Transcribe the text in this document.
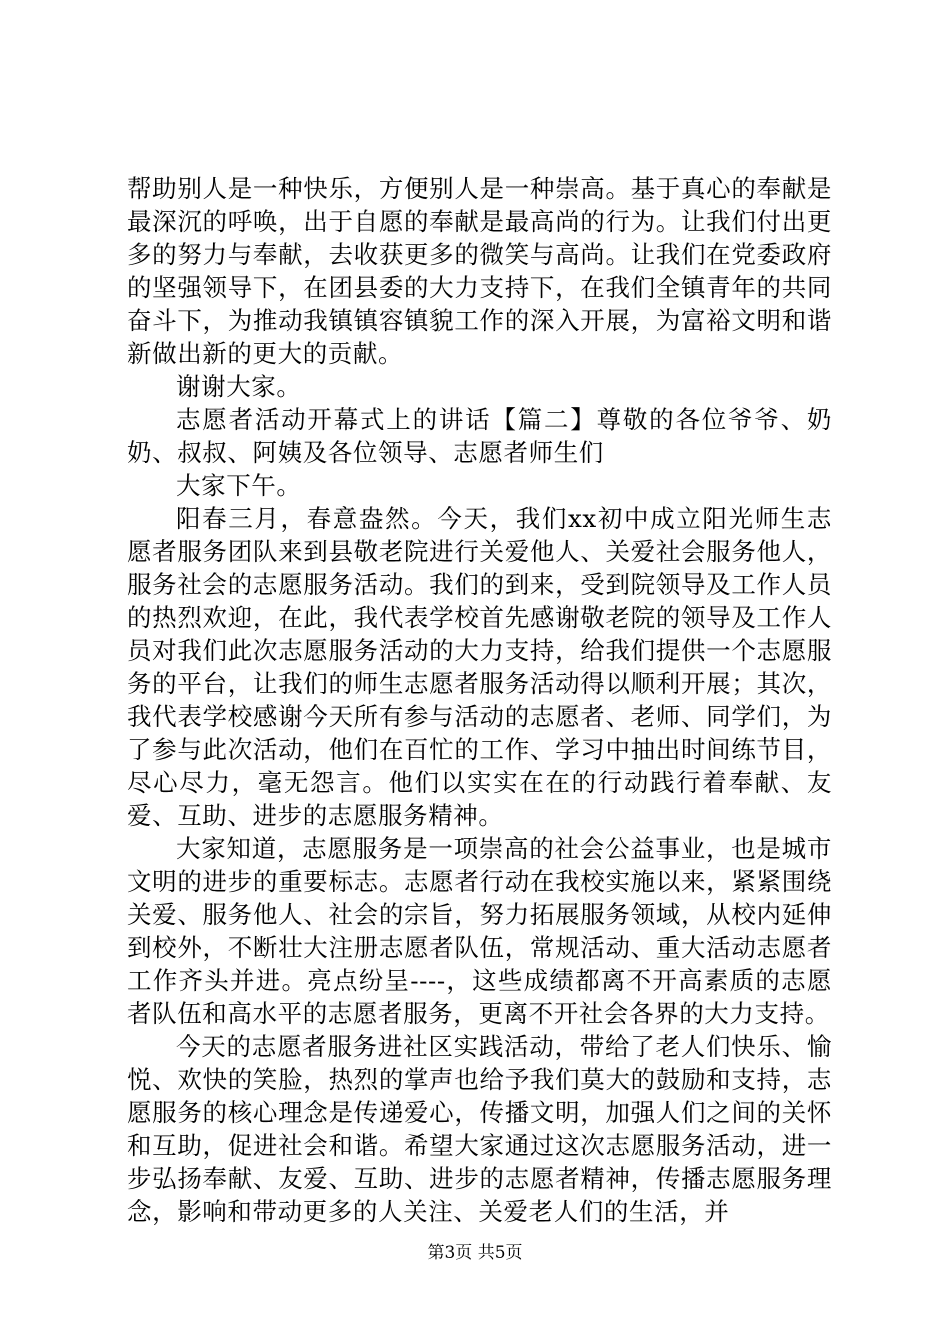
帮助别人是一种快乐，方便别人是一种崇高。基于真心的奉献是最深沉的呼唤，出于自愿的奉献是最高尚的行为。让我们付出更多的努力与奉献，去收获更多的微笑与高尚。让我们在党委政府的坚强领导下，在团县委的大力支持下，在我们全镇青年的共同奋斗下，为推动我镇镇容镇貌工作的深入开展，为富裕文明和谐新做出新的更大的贡献。

谢谢大家。

志愿者活动开幕式上的讲话【篇二】尊敬的各位爷爷、奶奶、叔叔、阿姨及各位领导、志愿者师生们

大家下午。

阳春三月，春意盎然。今天，我们xx初中成立阳光师生志愿者服务团队来到县敬老院进行关爱他人、关爱社会服务他人，服务社会的志愿服务活动。我们的到来，受到院领导及工作人员的热烈欢迎，在此，我代表学校首先感谢敬老院的领导及工作人员对我们此次志愿服务活动的大力支持，给我们提供一个志愿服务的平台，让我们的师生志愿者服务活动得以顺利开展；其次，我代表学校感谢今天所有参与活动的志愿者、老师、同学们，为了参与此次活动，他们在百忙的工作、学习中抽出时间练节目，尽心尽力，毫无怨言。他们以实实在在的行动践行着奉献、友爱、互助、进步的志愿服务精神。

大家知道，志愿服务是一项崇高的社会公益事业，也是城市文明的进步的重要标志。志愿者行动在我校实施以来，紧紧围绕关爱、服务他人、社会的宗旨，努力拓展服务领域，从校内延伸到校外，不断壮大注册志愿者队伍，常规活动、重大活动志愿者工作齐头并进。亮点纷呈----，这些成绩都离不开高素质的志愿者队伍和高水平的志愿者服务，更离不开社会各界的大力支持。

今天的志愿者服务进社区实践活动，带给了老人们快乐、愉悦、欢快的笑脸，热烈的掌声也给予我们莫大的鼓励和支持，志愿服务的核心理念是传递爱心，传播文明，加强人们之间的关怀和互助，促进社会和谐。希望大家通过这次志愿服务活动，进一步弘扬奉献、友爱、互助、进步的志愿者精神，传播志愿服务理念，影响和带动更多的人关注、关爱老人们的生活，并

第3页 共5页
